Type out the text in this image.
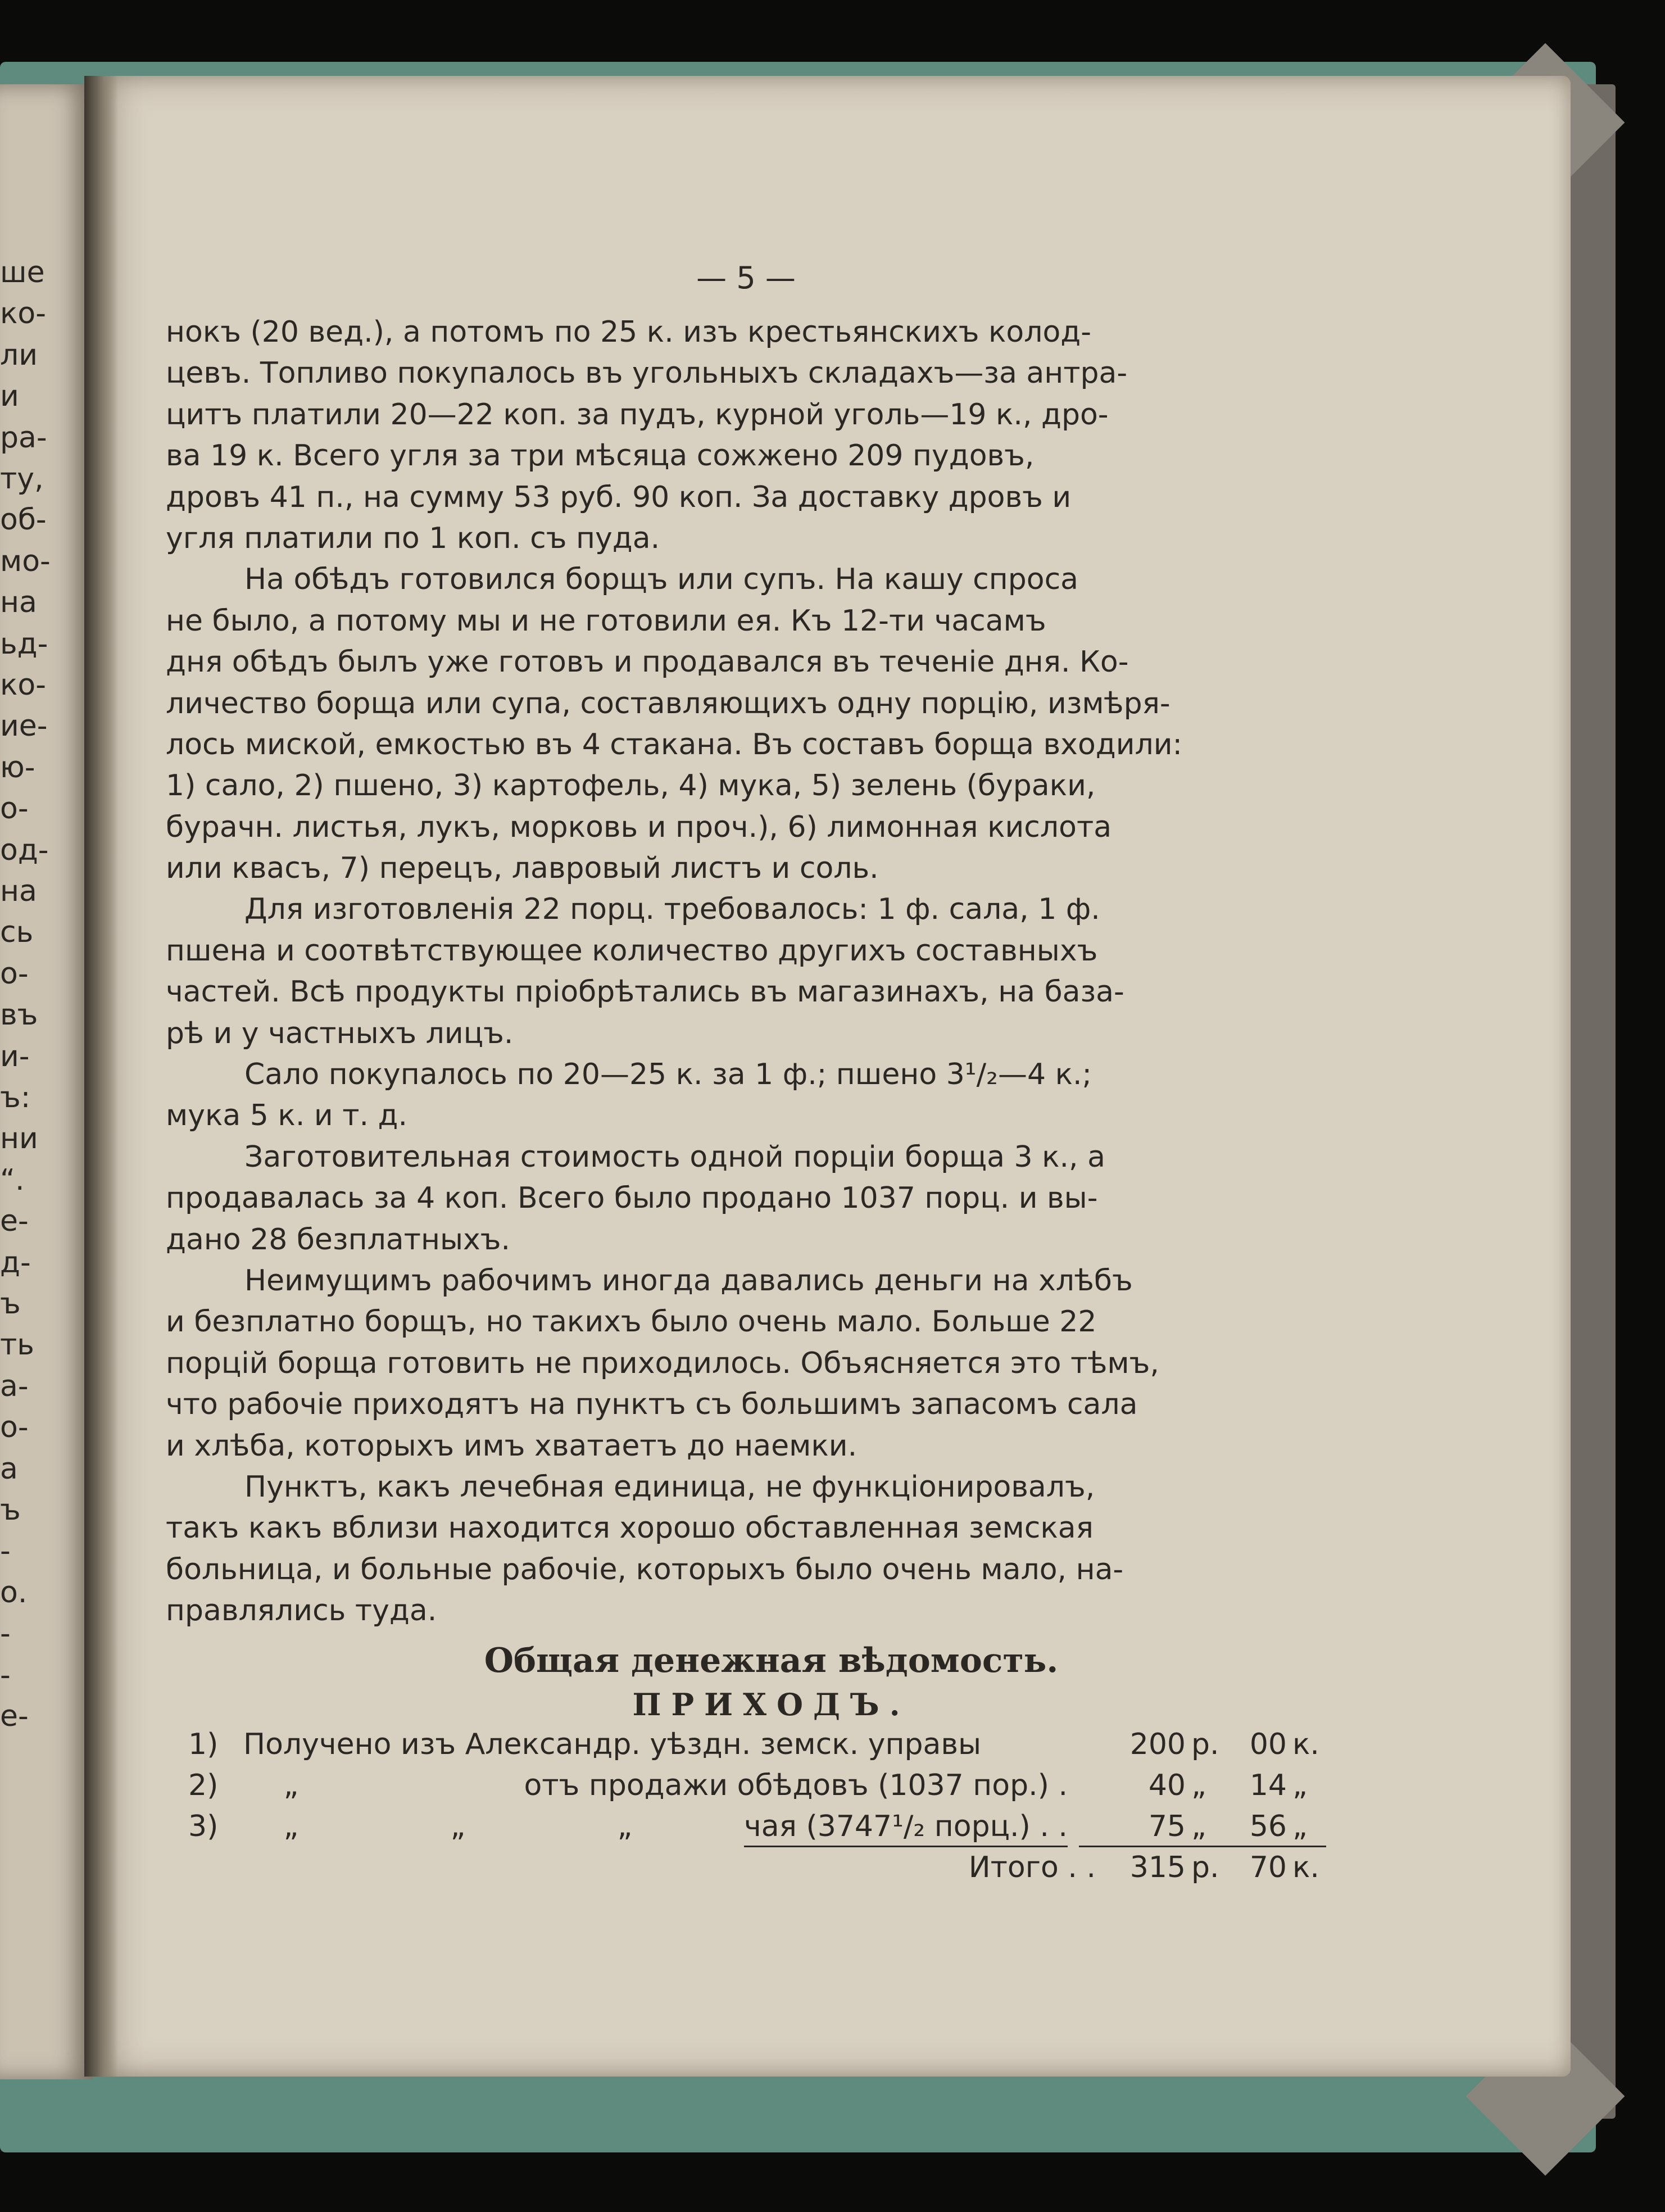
ше
ко-
ли
и
ра-
ту,
об-
мо-
на
ьд-
ко-
ие-
ю-
о-
од-
на
сь
о-
въ
и-
ъ:
ни
“.
е-
д-
ъ
ть
а-
о-
а
ъ
-
о.
-
-
е-
— 5 —
нокъ (20 вед.), а потомъ по 25 к. изъ крестьянскихъ колод-
цевъ. Топливо покупалось въ угольныхъ складахъ—за антра-
цитъ платили 20—22 коп. за пудъ, курной уголь—19 к., дро-
ва 19 к. Всего угля за три мѣсяца сожжено 209 пудовъ,
дровъ 41 п., на сумму 53 руб. 90 коп. За доставку дровъ и
угля платили по 1 коп. съ пуда.
На обѣдъ готовился борщъ или супъ. На кашу спроса
не было, а потому мы и не готовили ея. Къ 12-ти часамъ
дня обѣдъ былъ уже готовъ и продавался въ теченіе дня. Ко-
личество борща или супа, составляющихъ одну порцію, измѣря-
лось миской, емкостью въ 4 стакана. Въ составъ борща входили:
1) сало, 2) пшено, 3) картофель, 4) мука, 5) зелень (бураки,
бурачн. листья, лукъ, морковь и проч.), 6) лимонная кислота
или квасъ, 7) перецъ, лавровый листъ и соль.
Для изготовленія 22 порц. требовалось: 1 ф. сала, 1 ф.
пшена и соотвѣтствующее количество другихъ составныхъ
частей. Всѣ продукты пріобрѣтались въ магазинахъ, на база-
рѣ и у частныхъ лицъ.
Сало покупалось по 20—25 к. за 1 ф.; пшено 3¹/₂—4 к.;
мука 5 к. и т. д.
Заготовительная стоимость одной порціи борща 3 к., а
продавалась за 4 коп. Всего было продано 1037 порц. и вы-
дано 28 безплатныхъ.
Неимущимъ рабочимъ иногда давались деньги на хлѣбъ
и безплатно борщъ, но такихъ было очень мало. Больше 22
порцій борща готовить не приходилось. Объясняется это тѣмъ,
что рабочіе приходятъ на пунктъ съ большимъ запасомъ сала
и хлѣба, которыхъ имъ хватаетъ до наемки.
Пунктъ, какъ лечебная единица, не функціонировалъ,
такъ какъ вблизи находится хорошо обставленная земская
больница, и больные рабочіе, которыхъ было очень мало, на-
правлялись туда.
Общая денежная вѣдомость.
ПРИХОДЪ.
1) Получено изъ Александр. уѣздн. земск. управы	200 р.	00 к.
2)	„	отъ продажи обѣдовъ (1037 пор.) .	40 „	14 „
3)	„	„	„	чая (3747¹/₂ порц.) . .	75 „	56 „
Итого . .	315 р.	70 к.
